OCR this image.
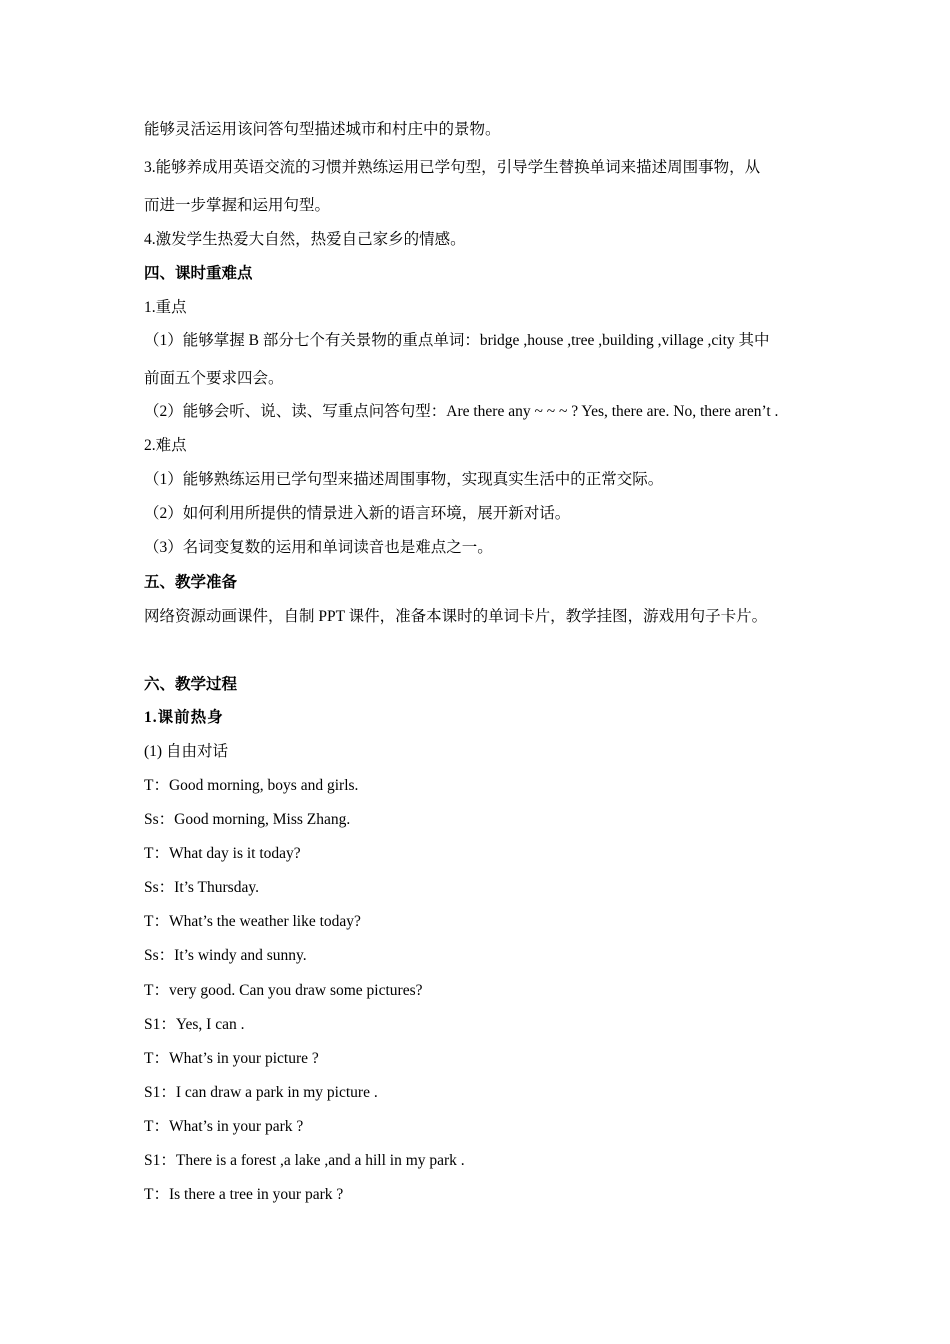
能够灵活运用该问答句型描述城市和村庄中的景物。
3.能够养成用英语交流的习惯并熟练运用已学句型，引导学生替换单词来描述周围事物，从
而进一步掌握和运用句型。
4.激发学生热爱大自然，热爱自己家乡的情感。
四、课时重难点
1.重点
（1）能够掌握 B 部分七个有关景物的重点单词：bridge ,house ,tree ,building ,village ,city 其中
前面五个要求四会。
（2）能够会听、说、读、写重点问答句型：Are there any ~ ~ ~ ? Yes, there are. No, there aren’t .
2.难点
（1）能够熟练运用已学句型来描述周围事物，实现真实生活中的正常交际。
（2）如何利用所提供的情景进入新的语言环境，展开新对话。
（3）名词变复数的运用和单词读音也是难点之一。
五、教学准备
网络资源动画课件，自制 PPT 课件，准备本课时的单词卡片，教学挂图，游戏用句子卡片。
六、教学过程
1.课前热身
(1) 自由对话
T：Good morning, boys and girls.
Ss：Good morning, Miss Zhang.
T：What day is it today?
Ss：It’s Thursday.
T：What’s the weather like today?
Ss：It’s windy and sunny.
T：very good. Can you draw some pictures?
S1：Yes, I can .
T：What’s in your picture ?
S1：I can draw a park in my picture .
T：What’s in your park ?
S1：There is a forest ,a lake ,and a hill in my park .
T：Is there a tree in your park ?
